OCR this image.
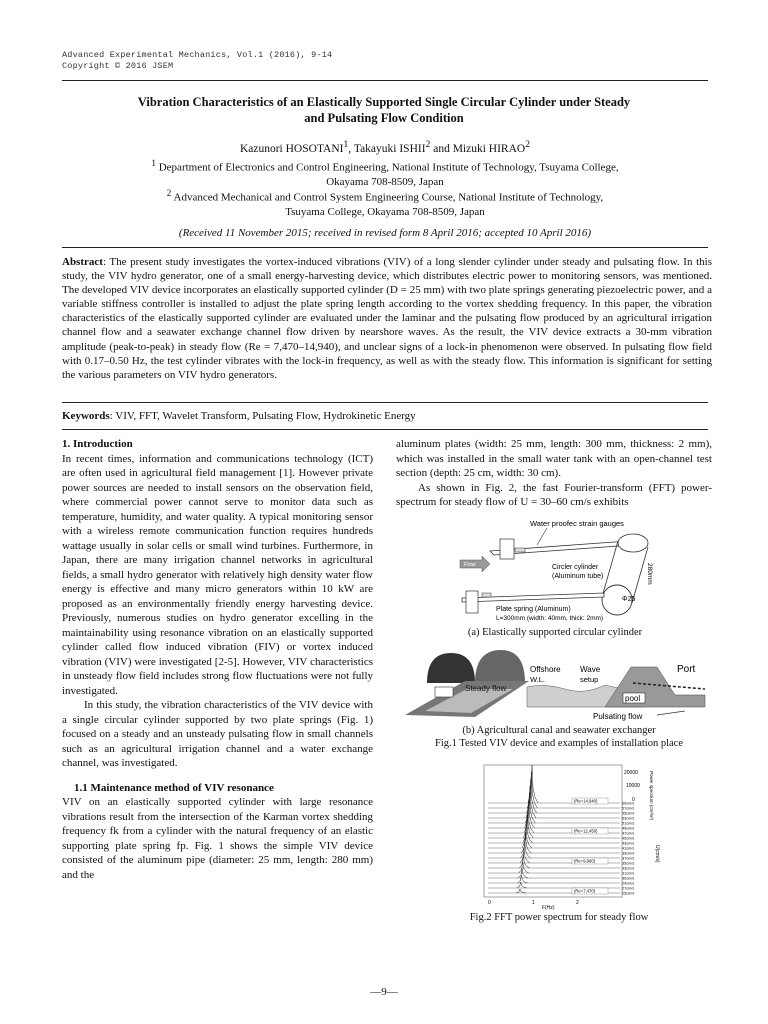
Advanced Experimental Mechanics, Vol.1 (2016), 9-14
Copyright © 2016 JSEM
Vibration Characteristics of an Elastically Supported Single Circular Cylinder under Steady
and Pulsating Flow Condition
Kazunori HOSOTANI$^1$, Takayuki ISHII$^2$ and Mizuki HIRAO$^2$
$^1$ Department of Electronics and Control Engineering, National Institute of Technology, Tsuyama College,
Okayama 708-8509, Japan
$^2$ Advanced Mechanical and Control System Engineering Course, National Institute of Technology,
Tsuyama College, Okayama 708-8509, Japan
(Received 11 November 2015; received in revised form 8 April 2016; accepted 10 April 2016)
Abstract: The present study investigates the vortex-induced vibrations (VIV) of a long slender cylinder under steady and pulsating flow. In this study, the VIV hydro generator, one of a small energy-harvesting device, which distributes electric power to monitoring sensors, was mentioned. The developed VIV device incorporates an elastically supported cylinder (D = 25 mm) with two plate springs generating piezoelectric power, and a variable stiffness controller is installed to adjust the plate spring length according to the vortex shedding frequency. In this paper, the vibration characteristics of the elastically supported cylinder are evaluated under the laminar and the pulsating flow produced by an agricultural irrigation channel flow and a seawater exchange channel flow driven by nearshore waves. As the result, the VIV device extracts a 30-mm vibration amplitude (peak-to-peak) in steady flow (Re = 7,470–14,940), and unclear signs of a lock-in phenomenon were observed. In pulsating flow field with 0.17–0.50 Hz, the test cylinder vibrates with the lock-in frequency, as well as with the steady flow. This information is significant for setting the various parameters on VIV hydro generators.
Keywords: VIV, FFT, Wavelet Transform, Pulsating Flow, Hydrokinetic Energy
1. Introduction

In recent times, information and communications technology (ICT) are often used in agricultural field management [1]. However private power sources are needed to install sensors on the observation field, where commercial power cannot serve to monitor data such as temperature, humidity, and water quality. A typical monitoring sensor with a wireless remote communication function requires hundreds wattage usually in solar cells or small wind turbines. Furthermore, in Japan, there are many irrigation channel networks in agricultural fields, a small hydro generator with relatively high density water flow energy is effective and many micro generators within 10 kW are proposed as an environmentally friendly energy harvesting device. Previously, numerous studies on hydro generator excelling in the maintainability using resonance vibration on an elastically supported cylinder called flow induced vibration (FIV) or vortex induced vibration (VIV) were investigated [2-5]. However, VIV characteristics in unsteady flow field includes strong flow fluctuations were not fully investigated.

In this study, the vibration characteristics of the VIV device with a single circular cylinder supported by two plate springs (Fig. 1) focused on a steady and an unsteady pulsating flow in small channels such as an agricultural irrigation channel and a water exchange channel, was investigated.

1.1 Maintenance method of VIV resonance

VIV on an elastically supported cylinder with large resonance vibrations result from the intersection of the Karman vortex shedding frequency fk from a cylinder with the natural frequency of an elastic supporting plate spring fp. Fig. 1 shows the simple VIV device consisted of the aluminum pipe (diameter: 25 mm, length: 280 mm) and the

aluminum plates (width: 25 mm, length: 300 mm, thickness: 2 mm), which was installed in the small water tank with an open-channel test section (depth: 25 cm, width: 30 cm).

As shown in Fig. 2, the fast Fourier-transform (FFT) power-spectrum for steady flow of U = 30–60 cm/s exhibits

Water proofec strain gauges
Flow	Circler cylinder
(Aluminum tube)	280mm
Φ25
Plate spring (Aluminum)
L=300mm (width: 40mm, thick: 2mm)
(a) Elastically supported circular cylinder
Steady flow
Offshore
W.L.
Wave
setup
Port
pool
Pulsating flow
(b) Agricultural canal and seawater exchanger
Fig.1 Tested VIV device and examples of installation place
20000
10000
0	Power spectrum (cm²/s²)
U(cm/s)
60cm/s
57cm/s
55cm/s
53cm/s
51cm/s
49cm/s
47cm/s
45cm/s
43cm/s
41cm/s
39cm/s
37cm/s
35cm/s
33cm/s
31cm/s
30cm/s
29cm/s
27cm/s
25cm/s
(Re=14,940)
(Re=12,450)
(Re=9,960)
(Re=7,470)
0	1	2
F(Hz)
Fig.2 FFT power spectrum for steady flow
―9―
